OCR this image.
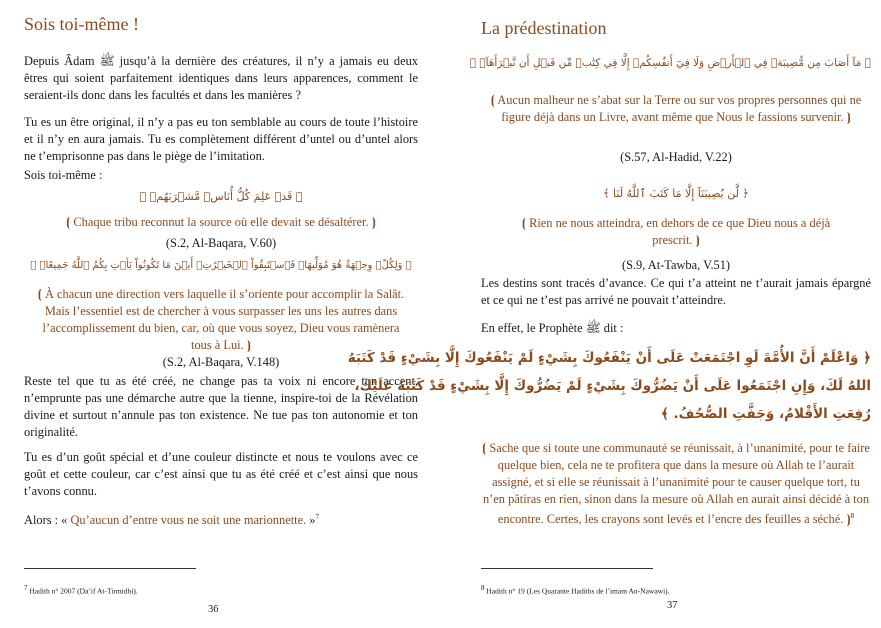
Sois toi-même !
Depuis Âdam ﷺ jusqu’à la dernière des créatures, il n’y a jamais eu deux êtres qui soient parfaitement identiques dans leurs apparences, comment le seraient-ils donc dans les facultés et dans les manières ?
Tu es un être original, il n’y a pas eu ton semblable au cours de toute l’histoire et il n’y en aura jamais. Tu es complètement différent d’untel ou d’untel alors ne t’emprisonne pas dans le piège de l’imitation.
Sois toi-même :
﴿ قَدۡ عَلِمَ كُلُّ أُنَاسٖ مَّشۡرَبَهُمۡ ﴾
⦗ Chaque tribu reconnut la source où elle devait se désaltérer. ⦘
(S.2, Al-Baqara, V.60)
﴿ وَلِكُلّٖ وِجۡهَةٌ هُوَ مُوَلِّيهَاۖ فَٱسۡتَبِقُواْ ٱلۡخَيۡرَٰتِۚ أَيۡنَ مَا تَكُونُواْ يَأۡتِ بِكُمُ ٱللَّهُ جَمِيعًاۚ ﴾
⦗ À chacun une direction vers laquelle il s’oriente pour accomplir la Salât. Mais l’essentiel est de chercher à vous surpasser les uns les autres dans l’accomplissement du bien, car, où que vous soyez, Dieu vous ramènera tous à Lui. ⦘
(S.2, Al-Baqara, V.148)
Reste tel que tu as été créé, ne change pas ta voix ni encore ton accent, n’emprunte pas une démarche autre que la tienne, inspire-toi de la Révélation divine et surtout n’annule pas ton existence. Ne tue pas ton autonomie et ton originalité.
Tu es d’un goût spécial et d’une couleur distincte et nous te voulons avec ce goût et cette couleur, car c’est ainsi que tu as été créé et c’est ainsi que nous t’avons connu.
Alors : « Qu’aucun d’entre vous ne soit une marionnette. »$^7$
$^7$ Hadith n° 2007 (Da’if At-Tirmidhi).
36
La prédestination
﴿ مَآ أَصَابَ مِن مُّصِيبَةٖ فِي ٱلۡأَرۡضِ وَلَا فِيٓ أَنفُسِكُمۡ إِلَّا فِي كِتَٰبٖ مِّن قَبۡلِ أَن نَّبۡرَأَهَآۚ ﴾
⦗ Aucun malheur ne s’abat sur la Terre ou sur vos propres personnes qui ne figure déjà dans un Livre, avant même que Nous le fassions survenir. ⦘
(S.57, Al-Hadid, V.22)
﴿ لَّن يُصِيبَنَآ إِلَّا مَا كَتَبَ ٱللَّهُ لَنَا ﴾
⦗ Rien ne nous atteindra, en dehors de ce que Dieu nous a déjà prescrit. ⦘
(S.9, At-Tawba, V.51)
Les destins sont tracés d’avance. Ce qui t’a atteint ne t’aurait jamais épargné et ce qui ne t’est pas arrivé ne pouvait t’atteindre.
En effet, le Prophète ﷺ dit :
﴿ وَاعْلَمْ أَنَّ الأُمَّةَ لَوِ اجْتَمَعَتْ عَلَى أَنْ يَنْفَعُوكَ بِشَيْءٍ لَمْ يَنْفَعُوكَ إِلَّا بِشَيْءٍ قَدْ كَتَبَهُ
اللهُ لَكَ، وَإِنِ اجْتَمَعُوا عَلَى أَنْ يَضُرُّوكَ بِشَيْءٍ لَمْ يَضُرُّوكَ إِلَّا بِشَيْءٍ قَدْ كَتَبَهُ عَلَيْكَ،
رُفِعَتِ الأَقْلامُ، وَجَفَّتِ الصُّحُفُ. ﴾
⦗ Sache que si toute une communauté se réunissait, à l’unanimité, pour te faire quelque bien, cela ne te profitera que dans la mesure où Allah te l’aurait assigné, et si elle se réunissait à l’unanimité pour te causer quelque tort, tu n’en pâtiras en rien, sinon dans la mesure où Allah en aurait ainsi décidé à ton encontre. Certes, les crayons sont levés et l’encre des feuilles a séché. ⦘$^8$
$^8$ Hadith n° 19 (Les Quarante Hadiths de l’imam An-Nawawi).
37
